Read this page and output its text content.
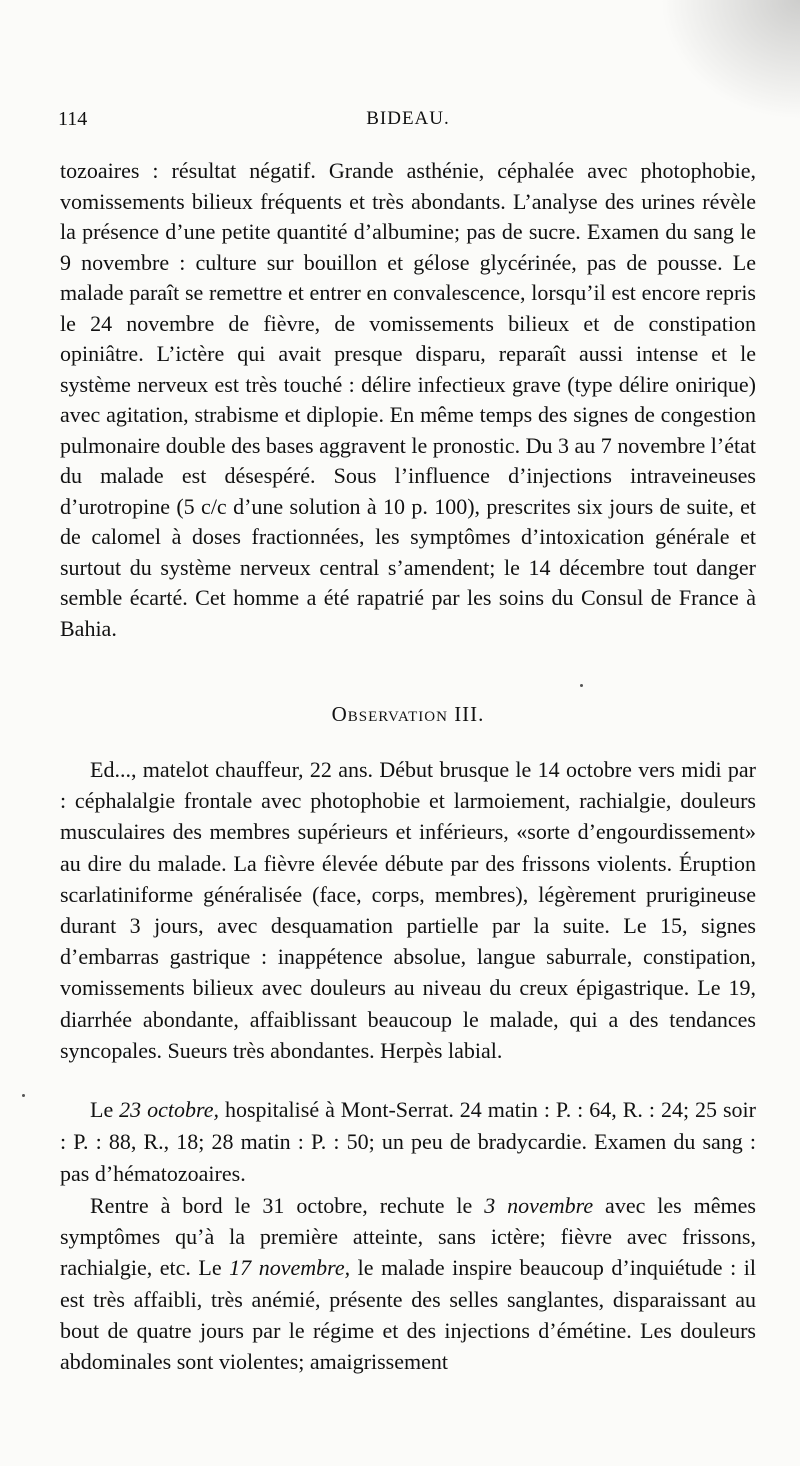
114	BIDEAU.

tozoaires : résultat négatif. Grande asthénie, céphalée avec photophobie, vomissements bilieux fréquents et très abondants. L’analyse des urines révèle la présence d’une petite quantité d’albumine; pas de sucre. Examen du sang le 9 novembre : culture sur bouillon et gélose glycérinée, pas de pousse. Le malade paraît se remettre et entrer en convalescence, lorsqu’il est encore repris le 24 novembre de fièvre, de vomissements bilieux et de constipation opiniâtre. L’ictère qui avait presque disparu, reparaît aussi intense et le système nerveux est très touché : délire infectieux grave (type délire onirique) avec agitation, strabisme et diplopie. En même temps des signes de congestion pulmonaire double des bases aggravent le pronostic. Du 3 au 7 novembre l’état du malade est désespéré. Sous l’influence d’injections intraveineuses d’urotropine (5 c/c d’une solution à 10 p. 100), prescrites six jours de suite, et de calomel à doses fractionnées, les symptômes d’intoxication générale et surtout du système nerveux central s’amendent; le 14 décembre tout danger semble écarté. Cet homme a été rapatrié par les soins du Consul de France à Bahia.

Observation III.

Ed..., matelot chauffeur, 22 ans. Début brusque le 14 octobre vers midi par : céphalalgie frontale avec photophobie et larmoiement, rachialgie, douleurs musculaires des membres supérieurs et inférieurs, «sorte d’engourdissement» au dire du malade. La fièvre élevée débute par des frissons violents. Éruption scarlatiniforme généralisée (face, corps, membres), légèrement prurigineuse durant 3 jours, avec desquamation partielle par la suite. Le 15, signes d’embarras gastrique : inappétence absolue, langue saburrale, constipation, vomissements bilieux avec douleurs au niveau du creux épigastrique. Le 19, diarrhée abondante, affaiblissant beaucoup le malade, qui a des tendances syncopales. Sueurs très abondantes. Herpès labial.

Le 23 octobre, hospitalisé à Mont-Serrat. 24 matin : P. : 64, R. : 24; 25 soir : P. : 88, R., 18; 28 matin : P. : 50; un peu de bradycardie. Examen du sang : pas d’hématozoaires.

Rentre à bord le 31 octobre, rechute le 3 novembre avec les mêmes symptômes qu’à la première atteinte, sans ictère; fièvre avec frissons, rachialgie, etc. Le 17 novembre, le malade inspire beaucoup d’inquiétude : il est très affaibli, très anémié, présente des selles sanglantes, disparaissant au bout de quatre jours par le régime et des injections d’émétine. Les douleurs abdominales sont violentes; amaigrissement
